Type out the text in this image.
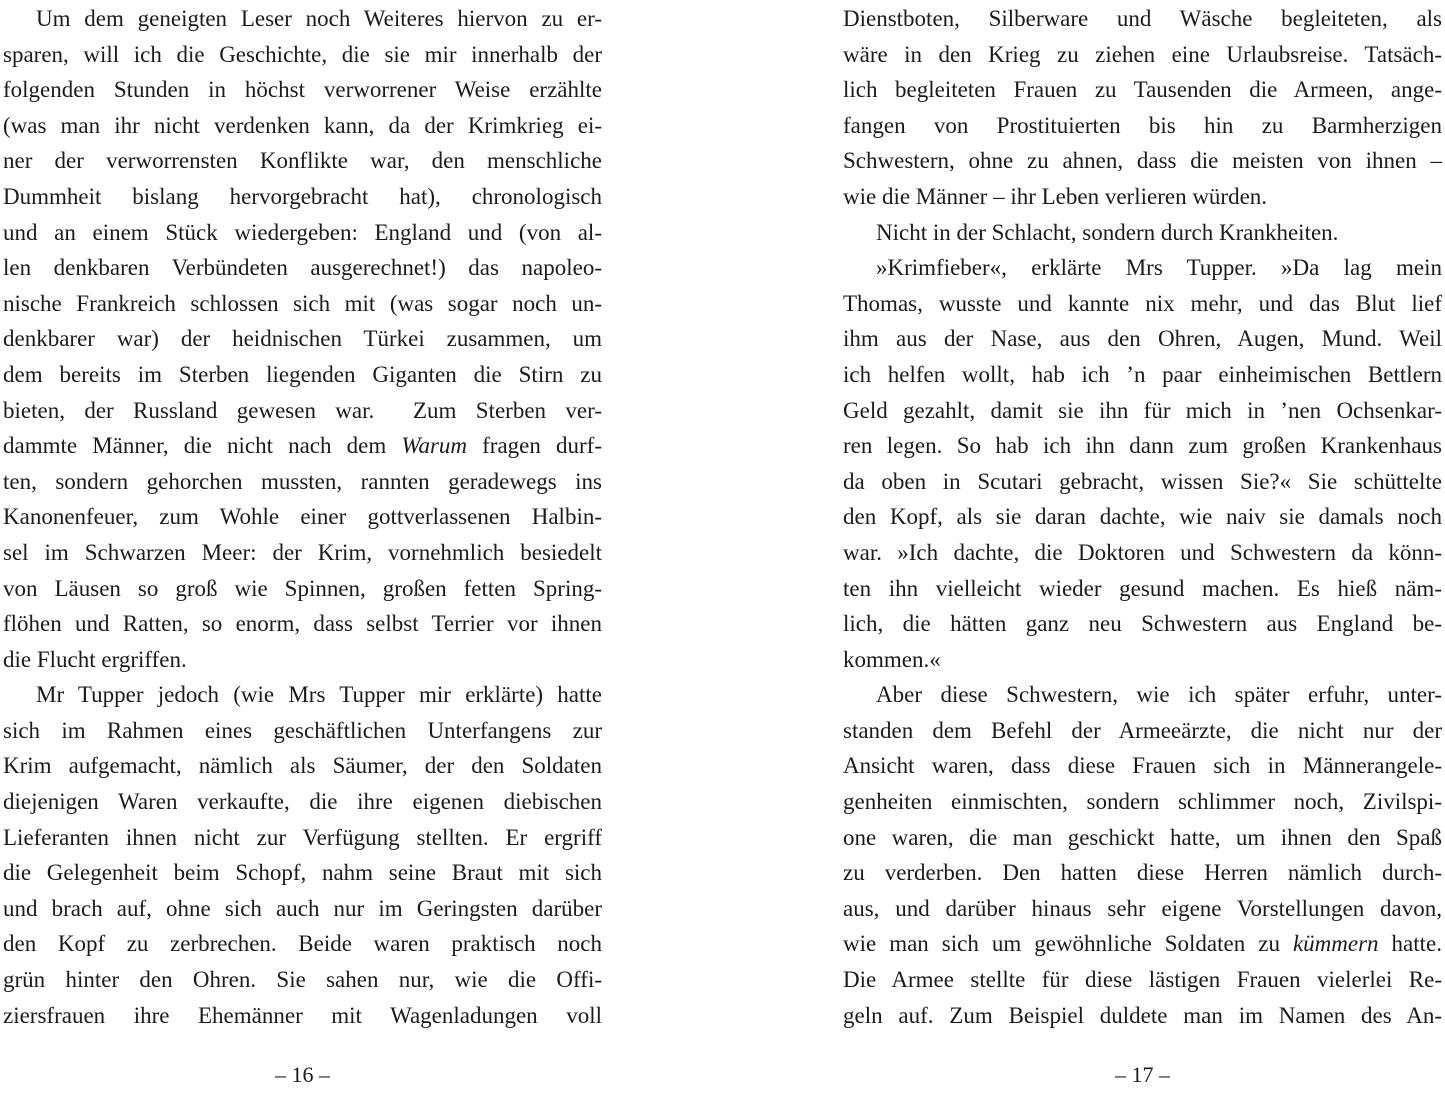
Um dem geneigten Leser noch Weiteres hiervon zu er-
sparen, will ich die Geschichte, die sie mir innerhalb der
folgenden Stunden in höchst verworrener Weise erzählte
(was man ihr nicht verdenken kann, da der Krimkrieg ei-
ner der verworrensten Konflikte war, den menschliche
Dummheit bislang hervorgebracht hat), chronologisch
und an einem Stück wiedergeben: England und (von al-
len denkbaren Verbündeten ausgerechnet!) das napoleo-
nische Frankreich schlossen sich mit (was sogar noch un-
denkbarer war) der heidnischen Türkei zusammen, um
dem bereits im Sterben liegenden Giganten die Stirn zu
bieten, der Russland gewesen war.  Zum Sterben ver-
dammte Männer, die nicht nach dem Warum fragen durf-
ten, sondern gehorchen mussten, rannten geradewegs ins
Kanonenfeuer, zum Wohle einer gottverlassenen Halbin-
sel im Schwarzen Meer: der Krim, vornehmlich besiedelt
von Läusen so groß wie Spinnen, großen fetten Spring-
flöhen und Ratten, so enorm, dass selbst Terrier vor ihnen
die Flucht ergriffen.
Mr Tupper jedoch (wie Mrs Tupper mir erklärte) hatte
sich im Rahmen eines geschäftlichen Unterfangens zur
Krim aufgemacht, nämlich als Säumer, der den Soldaten
diejenigen Waren verkaufte, die ihre eigenen diebischen
Lieferanten ihnen nicht zur Verfügung stellten. Er ergriff
die Gelegenheit beim Schopf, nahm seine Braut mit sich
und brach auf, ohne sich auch nur im Geringsten darüber
den Kopf zu zerbrechen. Beide waren praktisch noch
grün hinter den Ohren. Sie sahen nur, wie die Offi-
ziersfrauen ihre Ehemänner mit Wagenladungen voll
– 16 –
Dienstboten, Silberware und Wäsche begleiteten, als
wäre in den Krieg zu ziehen eine Urlaubsreise. Tatsäch-
lich begleiteten Frauen zu Tausenden die Armeen, ange-
fangen von Prostituierten bis hin zu Barmherzigen
Schwestern, ohne zu ahnen, dass die meisten von ihnen –
wie die Männer – ihr Leben verlieren würden.
Nicht in der Schlacht, sondern durch Krankheiten.
»Krimfieber«, erklärte Mrs Tupper. »Da lag mein
Thomas, wusste und kannte nix mehr, und das Blut lief
ihm aus der Nase, aus den Ohren, Augen, Mund. Weil
ich helfen wollt, hab ich ’n paar einheimischen Bettlern
Geld gezahlt, damit sie ihn für mich in ’nen Ochsenkar-
ren legen. So hab ich ihn dann zum großen Krankenhaus
da oben in Scutari gebracht, wissen Sie?« Sie schüttelte
den Kopf, als sie daran dachte, wie naiv sie damals noch
war. »Ich dachte, die Doktoren und Schwestern da könn-
ten ihn vielleicht wieder gesund machen. Es hieß näm-
lich, die hätten ganz neu Schwestern aus England be-
kommen.«
Aber diese Schwestern, wie ich später erfuhr, unter-
standen dem Befehl der Armeeärzte, die nicht nur der
Ansicht waren, dass diese Frauen sich in Männerangele-
genheiten einmischten, sondern schlimmer noch, Zivilspi-
one waren, die man geschickt hatte, um ihnen den Spaß
zu verderben. Den hatten diese Herren nämlich durch-
aus, und darüber hinaus sehr eigene Vorstellungen davon,
wie man sich um gewöhnliche Soldaten zu kümmern hatte.
Die Armee stellte für diese lästigen Frauen vielerlei Re-
geln auf. Zum Beispiel duldete man im Namen des An-
– 17 –
